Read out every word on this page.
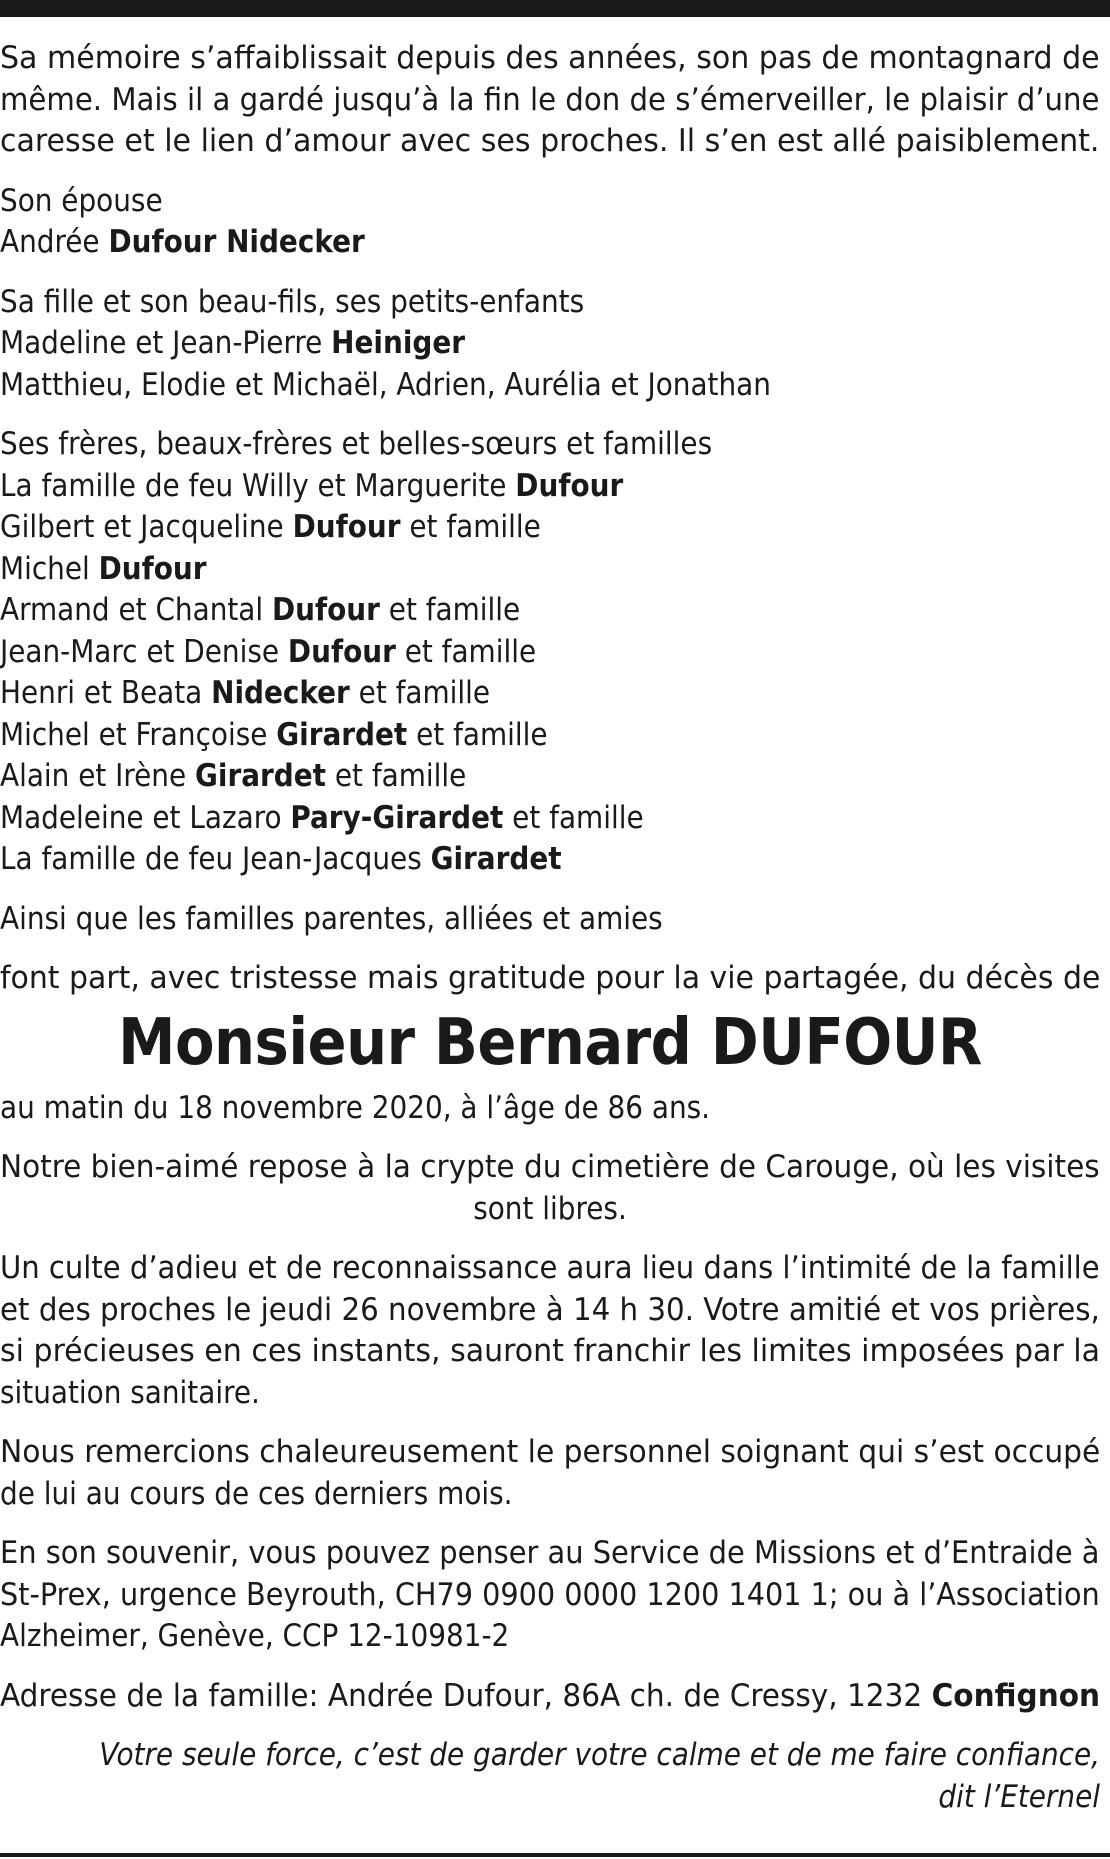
Sa mémoire s’affaiblissait depuis des années, son pas de montagnard de
même. Mais il a gardé jusqu’à la fin le don de s’émerveiller, le plaisir d’une
caresse et le lien d’amour avec ses proches. Il s’en est allé paisiblement.

Son épouse
Andrée Dufour Nidecker

Sa fille et son beau-fils, ses petits-enfants
Madeline et Jean-Pierre Heiniger
Matthieu, Elodie et Michaël, Adrien, Aurélia et Jonathan

Ses frères, beaux-frères et belles-sœurs et familles
La famille de feu Willy et Marguerite Dufour
Gilbert et Jacqueline Dufour et famille
Michel Dufour
Armand et Chantal Dufour et famille
Jean-Marc et Denise Dufour et famille
Henri et Beata Nidecker et famille
Michel et Françoise Girardet et famille
Alain et Irène Girardet et famille
Madeleine et Lazaro Pary-Girardet et famille
La famille de feu Jean-Jacques Girardet

Ainsi que les familles parentes, alliées et amies

font part, avec tristesse mais gratitude pour la vie partagée, du décès de

Monsieur Bernard DUFOUR

au matin du 18 novembre 2020, à l’âge de 86 ans.

Notre bien-aimé repose à la crypte du cimetière de Carouge, où les visites
sont libres.

Un culte d’adieu et de reconnaissance aura lieu dans l’intimité de la famille
et des proches le jeudi 26 novembre à 14 h 30. Votre amitié et vos prières,
si précieuses en ces instants, sauront franchir les limites imposées par la
situation sanitaire.

Nous remercions chaleureusement le personnel soignant qui s’est occupé
de lui au cours de ces derniers mois.

En son souvenir, vous pouvez penser au Service de Missions et d’Entraide à
St-Prex, urgence Beyrouth, CH79 0900 0000 1200 1401 1; ou à l’Association
Alzheimer, Genève, CCP 12-10981-2

Adresse de la famille: Andrée Dufour, 86A ch. de Cressy, 1232 Confignon

Votre seule force, c’est de garder votre calme et de me faire confiance,
dit l’Eternel
